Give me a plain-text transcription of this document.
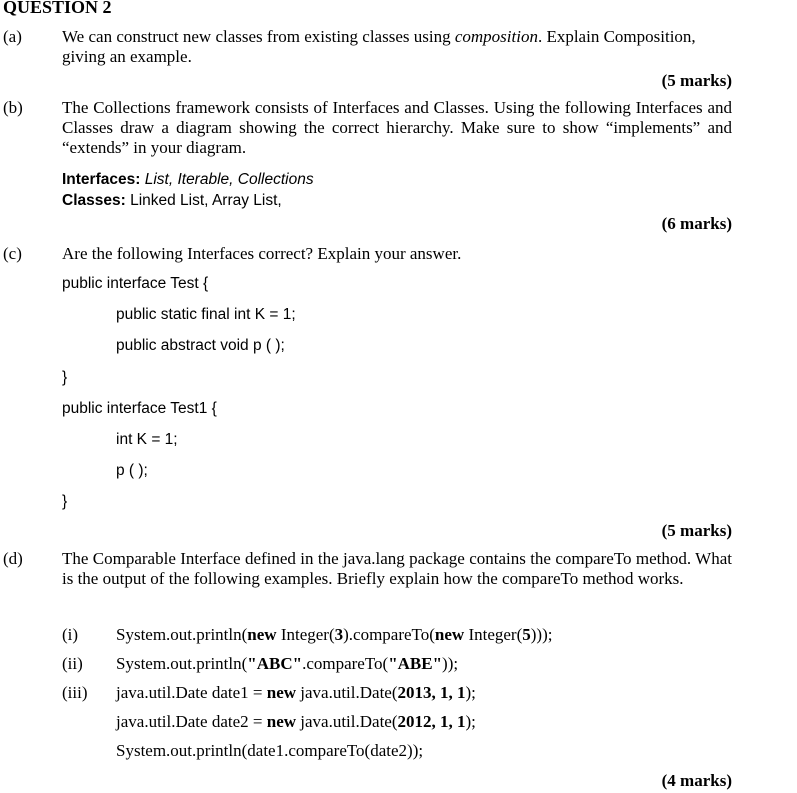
QUESTION 2
(a) We can construct new classes from existing classes using composition. Explain Composition, giving an example.
(5 marks)
(b) The Collections framework consists of Interfaces and Classes. Using the following Interfaces and Classes draw a diagram showing the correct hierarchy. Make sure to show “implements” and “extends” in your diagram.
Interfaces: List, Iterable, Collections
Classes: Linked List, Array List,
(6 marks)
(c) Are the following Interfaces correct? Explain your answer.
public interface Test {
public static final int K = 1;
public abstract void p ( );
}
public interface Test1 {
int K = 1;
p ( );
}
(5 marks)
(d) The Comparable Interface defined in the java.lang package contains the compareTo method. What is the output of the following examples. Briefly explain how the compareTo method works.
(i) System.out.println(new Integer(3).compareTo(new Integer(5)));
(ii) System.out.println("ABC".compareTo("ABE"));
(iii) java.util.Date date1 = new java.util.Date(2013, 1, 1);
java.util.Date date2 = new java.util.Date(2012, 1, 1);
System.out.println(date1.compareTo(date2));
(4 marks)
